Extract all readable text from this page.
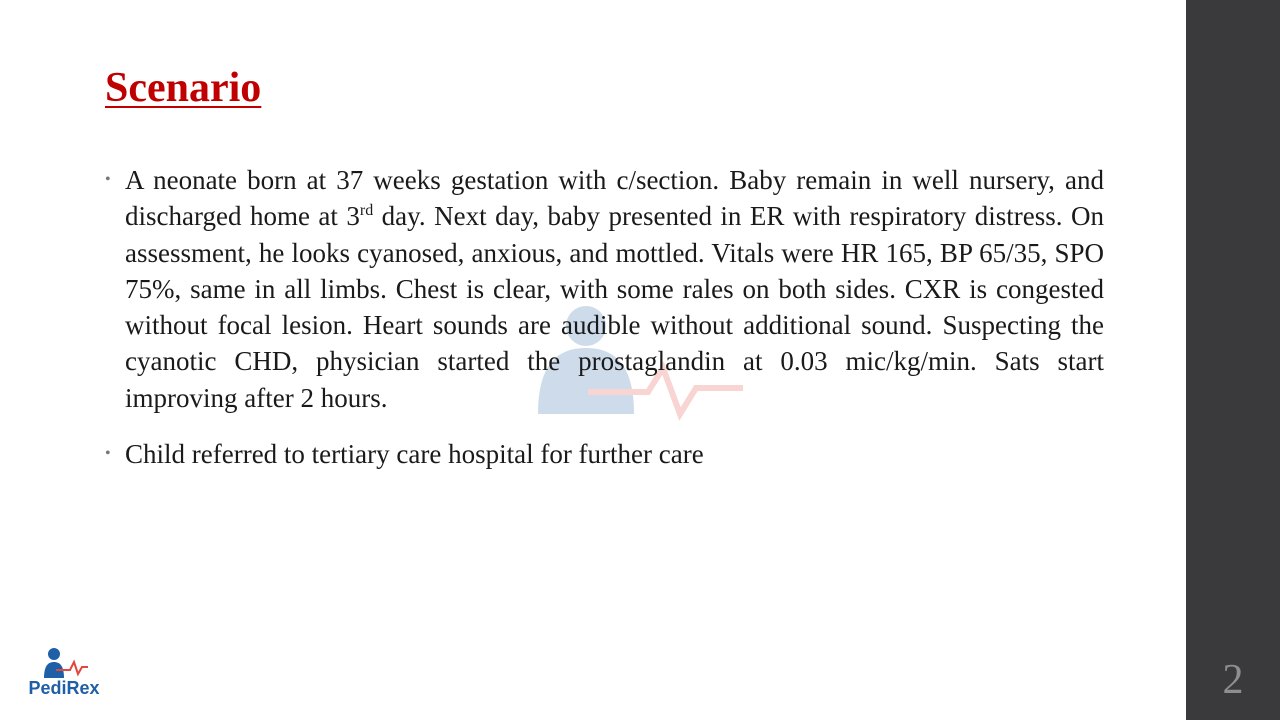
Scenario
• A neonate born at 37 weeks gestation with c/section. Baby remain in well nursery, and discharged home at 3rd day. Next day, baby presented in ER with respiratory distress. On assessment, he looks cyanosed, anxious, and mottled. Vitals were HR 165, BP 65/35, SPO 75%, same in all limbs. Chest is clear, with some rales on both sides. CXR is congested without focal lesion. Heart sounds are audible without additional sound. Suspecting the cyanotic CHD, physician started the prostaglandin at 0.03 mic/kg/min. Sats start improving after 2 hours.
• Child referred to tertiary care hospital for further care
PediRex	2
